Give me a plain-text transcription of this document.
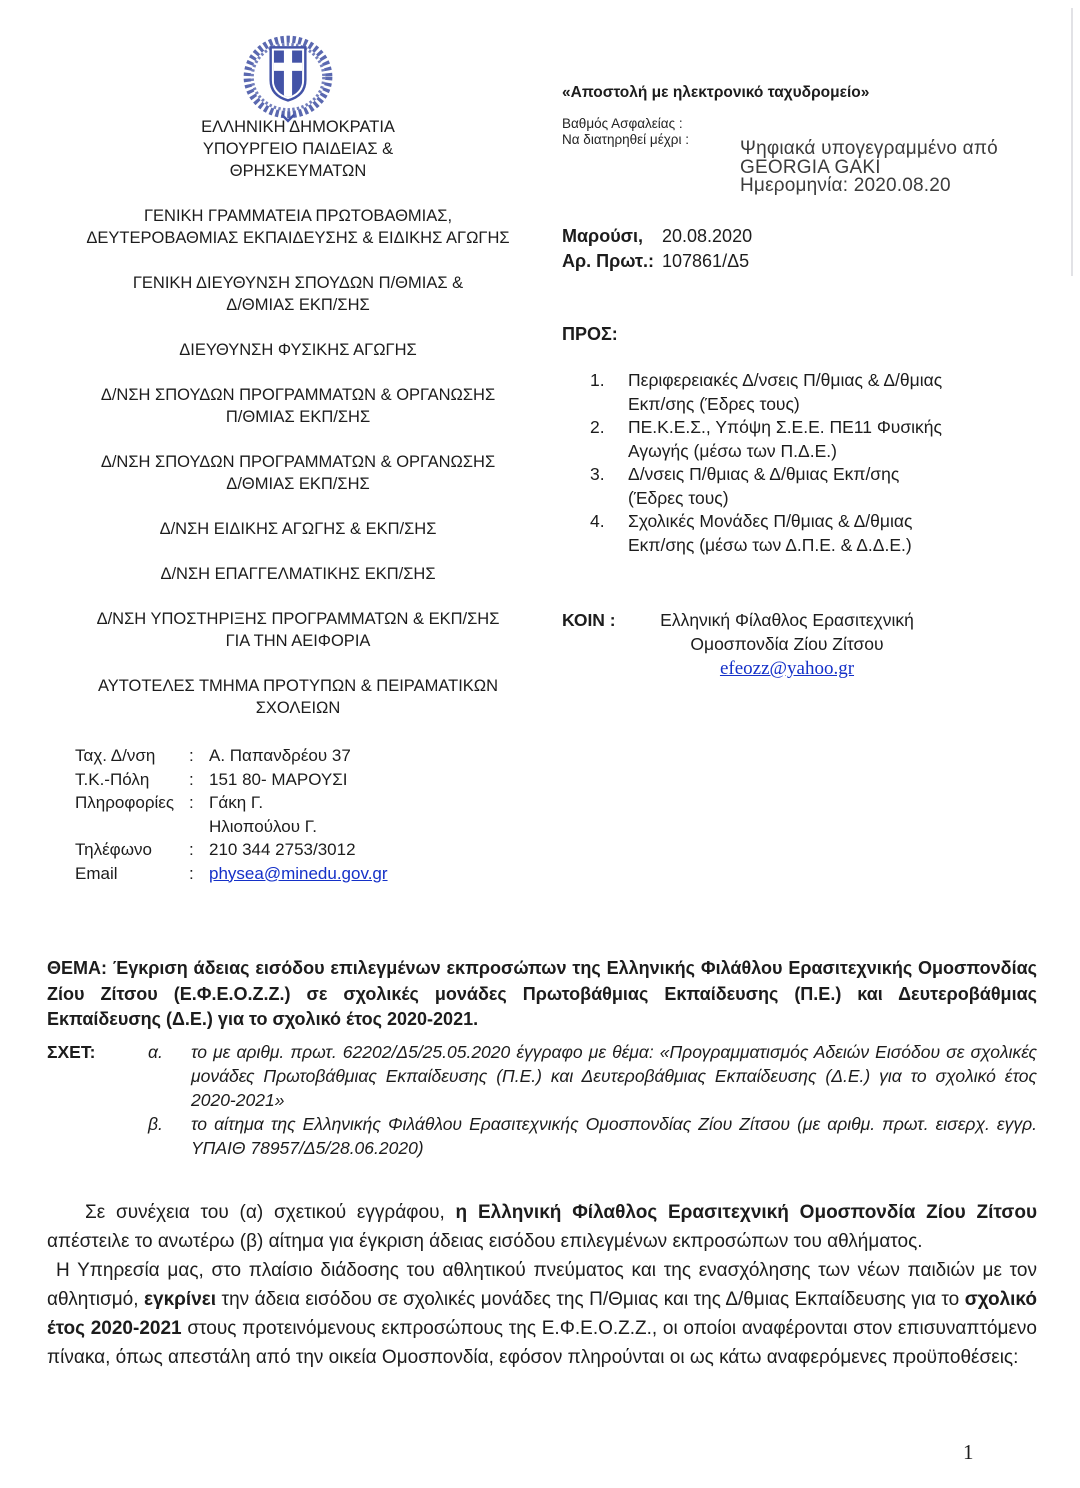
ΕΛΛΗΝΙΚΗ ΔΗΜΟΚΡΑΤΙΑ
ΥΠΟΥΡΓΕΙΟ ΠΑΙΔΕΙΑΣ &
ΘΡΗΣΚΕΥΜΑΤΩΝ
ΓΕΝΙΚΗ ΓΡΑΜΜΑΤΕΙΑ ΠΡΩΤΟΒΑΘΜΙΑΣ,
ΔΕΥΤΕΡΟΒΑΘΜΙΑΣ ΕΚΠΑΙΔΕΥΣΗΣ & ΕΙΔΙΚΗΣ ΑΓΩΓΗΣ
ΓΕΝΙΚΗ ΔΙΕΥΘΥΝΣΗ ΣΠΟΥΔΩΝ Π/ΘΜΙΑΣ &
Δ/ΘΜΙΑΣ ΕΚΠ/ΣΗΣ
ΔΙΕΥΘΥΝΣΗ ΦΥΣΙΚΗΣ ΑΓΩΓΗΣ
Δ/ΝΣΗ ΣΠΟΥΔΩΝ ΠΡΟΓΡΑΜΜΑΤΩΝ & ΟΡΓΑΝΩΣΗΣ
Π/ΘΜΙΑΣ ΕΚΠ/ΣΗΣ
Δ/ΝΣΗ ΣΠΟΥΔΩΝ ΠΡΟΓΡΑΜΜΑΤΩΝ & ΟΡΓΑΝΩΣΗΣ
Δ/ΘΜΙΑΣ ΕΚΠ/ΣΗΣ
Δ/ΝΣΗ ΕΙΔΙΚΗΣ ΑΓΩΓΗΣ & ΕΚΠ/ΣΗΣ
Δ/ΝΣΗ ΕΠΑΓΓΕΛΜΑΤΙΚΗΣ ΕΚΠ/ΣΗΣ
Δ/ΝΣΗ ΥΠΟΣΤΗΡΙΞΗΣ ΠΡΟΓΡΑΜΜΑΤΩΝ & ΕΚΠ/ΣΗΣ
ΓΙΑ ΤΗΝ ΑΕΙΦΟΡΙΑ
ΑΥΤΟΤΕΛΕΣ ΤΜΗΜΑ ΠΡΟΤΥΠΩΝ & ΠΕΙΡΑΜΑΤΙΚΩΝ
ΣΧΟΛΕΙΩΝ
Ταχ. Δ/νση	: Α. Παπανδρέου 37
Τ.Κ.-Πόλη	: 151 80- ΜΑΡΟΥΣΙ
Πληροφορίες : Γάκη Γ.
Ηλιοπούλου Γ.
Τηλέφωνο	: 210 344 2753/3012
Email	: physea@minedu.gov.gr
«Αποστολή με ηλεκτρονικό ταχυδρομείο»
Βαθμός Ασφαλείας :
Να διατηρηθεί μέχρι :	Ψηφιακά υπογεγραμμένο από
GEORGIA GAKI
Ημερομηνία: 2020.08.20
Μαρούσι,	20.08.2020
Αρ. Πρωτ.: 107861/Δ5
ΠΡΟΣ:
1.	Περιφερειακές Δ/νσεις Π/θμιας & Δ/θμιας
Εκπ/σης (Έδρες τους)
2.	ΠΕ.Κ.Ε.Σ., Υπόψη Σ.Ε.Ε. ΠΕ11 Φυσικής
Αγωγής (μέσω των Π.Δ.Ε.)
3.	Δ/νσεις Π/θμιας & Δ/θμιας Εκπ/σης
(Έδρες τους)
4.	Σχολικές Μονάδες Π/θμιας & Δ/θμιας
Εκπ/σης (μέσω των Δ.Π.Ε. & Δ.Δ.Ε.)
ΚΟΙΝ :	Ελληνική Φίλαθλος Ερασιτεχνική
Ομοσπονδία Ζίου Ζίτσου
efeozz@yahoo.gr

ΘΕΜΑ: Έγκριση άδειας εισόδου επιλεγμένων εκπροσώπων της Ελληνικής Φιλάθλου Ερασιτεχνικής Ομοσπονδίας Ζίου Ζίτσου (Ε.Φ.Ε.Ο.Ζ.Ζ.) σε σχολικές μονάδες Πρωτοβάθμιας Εκπαίδευσης (Π.Ε.) και Δευτεροβάθμιας Εκπαίδευσης (Δ.Ε.) για το σχολικό έτος 2020-2021.

ΣΧΕΤ:	α.	το με αριθμ. πρωτ. 62202/Δ5/25.05.2020 έγγραφο με θέμα: «Προγραμματισμός Αδειών Εισόδου σε σχολικές μονάδες Πρωτοβάθμιας Εκπαίδευσης (Π.Ε.) και Δευτεροβάθμιας Εκπαίδευσης (Δ.Ε.) για το σχολικό έτος 2020-2021»
β.	το αίτημα της Ελληνικής Φιλάθλου Ερασιτεχνικής Ομοσπονδίας Ζίου Ζίτσου (με αριθμ. πρωτ. εισερχ. εγγρ. ΥΠΑΙΘ 78957/Δ5/28.06.2020)

Σε συνέχεια του (α) σχετικού εγγράφου, η Ελληνική Φίλαθλος Ερασιτεχνική Ομοσπονδία Ζίου Ζίτσου απέστειλε το ανωτέρω (β) αίτημα για έγκριση άδειας εισόδου επιλεγμένων εκπροσώπων του αθλήματος.

Η Υπηρεσία μας, στο πλαίσιο διάδοσης του αθλητικού πνεύματος και της ενασχόλησης των νέων παιδιών με τον αθλητισμό, εγκρίνει την άδεια εισόδου σε σχολικές μονάδες της Π/Θμιας και της Δ/θμιας Εκπαίδευσης για το σχολικό έτος 2020-2021 στους προτεινόμενους εκπροσώπους της Ε.Φ.Ε.Ο.Ζ.Ζ., οι οποίοι αναφέρονται στον επισυναπτόμενο πίνακα, όπως απεστάλη από την οικεία Ομοσπονδία, εφόσον πληρούνται οι ως κάτω αναφερόμενες προϋποθέσεις:

1
